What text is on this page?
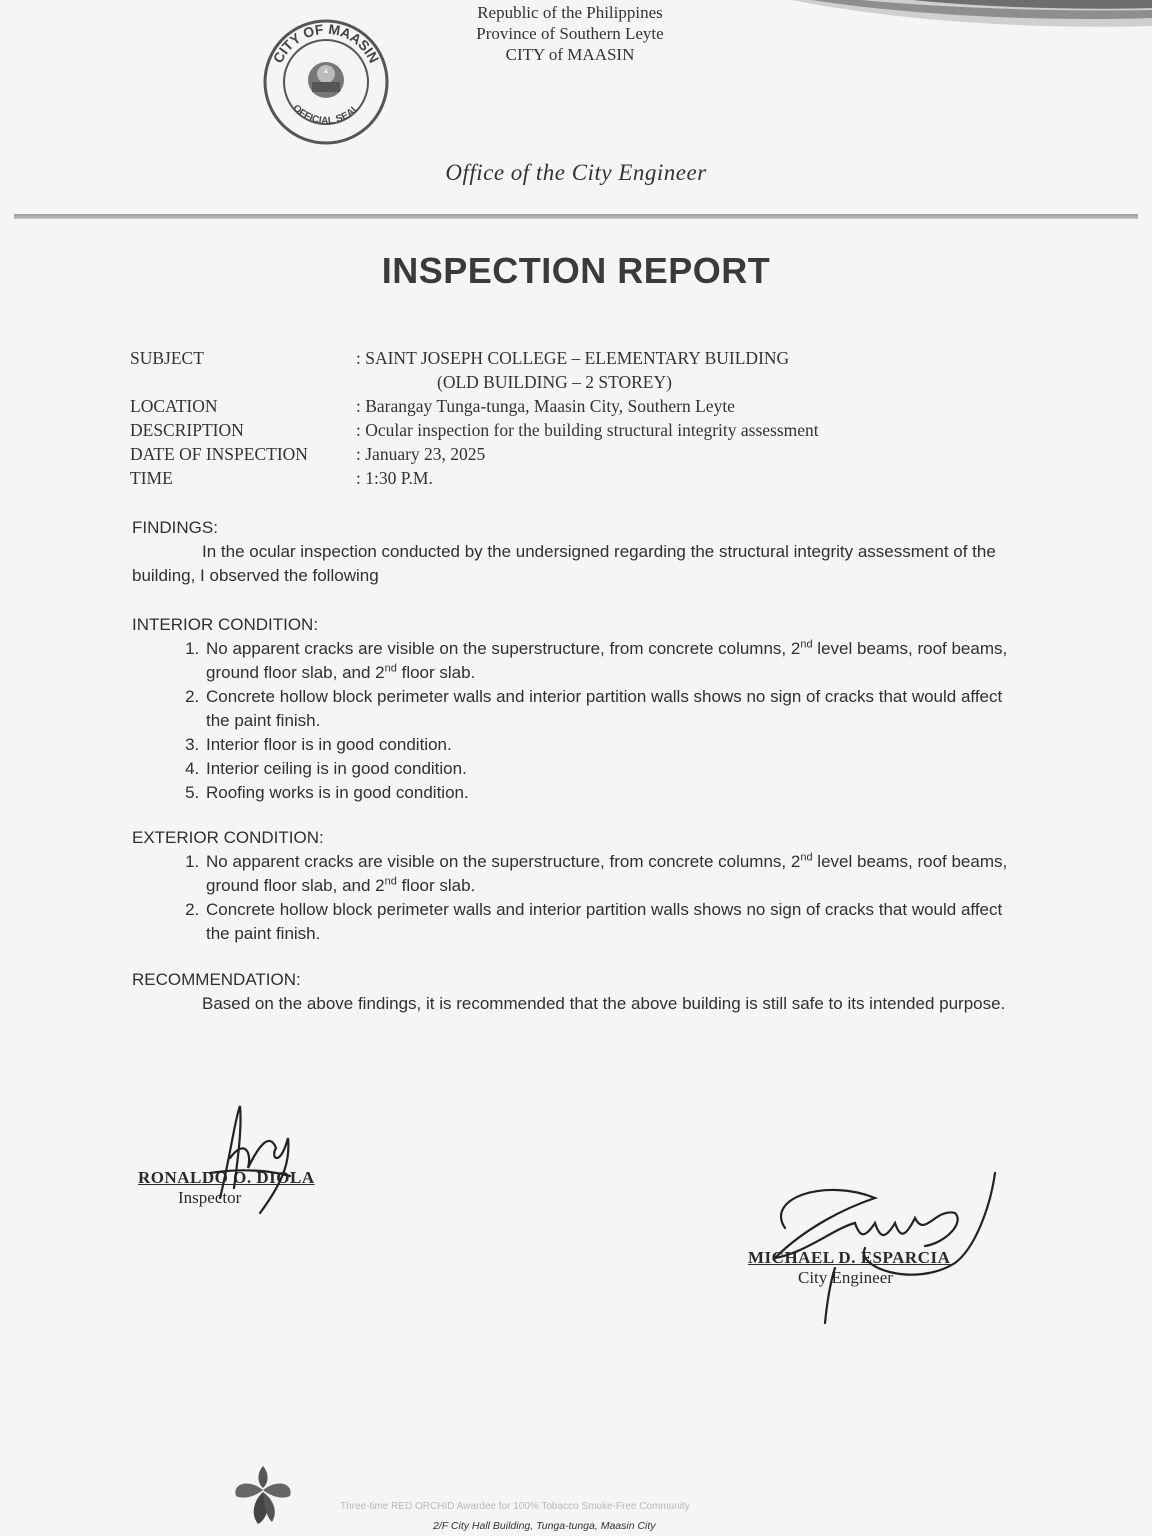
CITY OF MAASIN
OFFICIAL SEAL
Republic of the Philippines
Province of Southern Leyte
CITY of MAASIN
Office of the City Engineer
INSPECTION REPORT
SUBJECT	: SAINT JOSEPH COLLEGE – ELEMENTARY BUILDING
(OLD BUILDING – 2 STOREY)
LOCATION	: Barangay Tunga-tunga, Maasin City, Southern Leyte
DESCRIPTION	: Ocular inspection for the building structural integrity assessment
DATE OF INSPECTION	: January 23, 2025
TIME	: 1:30 P.M.
FINDINGS:
In the ocular inspection conducted by the undersigned regarding the structural integrity assessment of the building, I observed the following
INTERIOR CONDITION:
1. No apparent cracks are visible on the superstructure, from concrete columns, 2nd level beams, roof beams, ground floor slab, and 2nd floor slab.
2. Concrete hollow block perimeter walls and interior partition walls shows no sign of cracks that would affect the paint finish.
3. Interior floor is in good condition.
4. Interior ceiling is in good condition.
5. Roofing works is in good condition.
EXTERIOR CONDITION:
1. No apparent cracks are visible on the superstructure, from concrete columns, 2nd level beams, roof beams, ground floor slab, and 2nd floor slab.
2. Concrete hollow block perimeter walls and interior partition walls shows no sign of cracks that would affect the paint finish.
RECOMMENDATION:
Based on the above findings, it is recommended that the above building is still safe to its intended purpose.
RONALDO O. DIOLA
Inspector
MICHAEL D. ESPARCIA
City Engineer
Three-time RED ORCHID Awardee for 100% Tobacco Smoke-Free Community
2/F City Hall Building, Tunga-tunga, Maasin City
